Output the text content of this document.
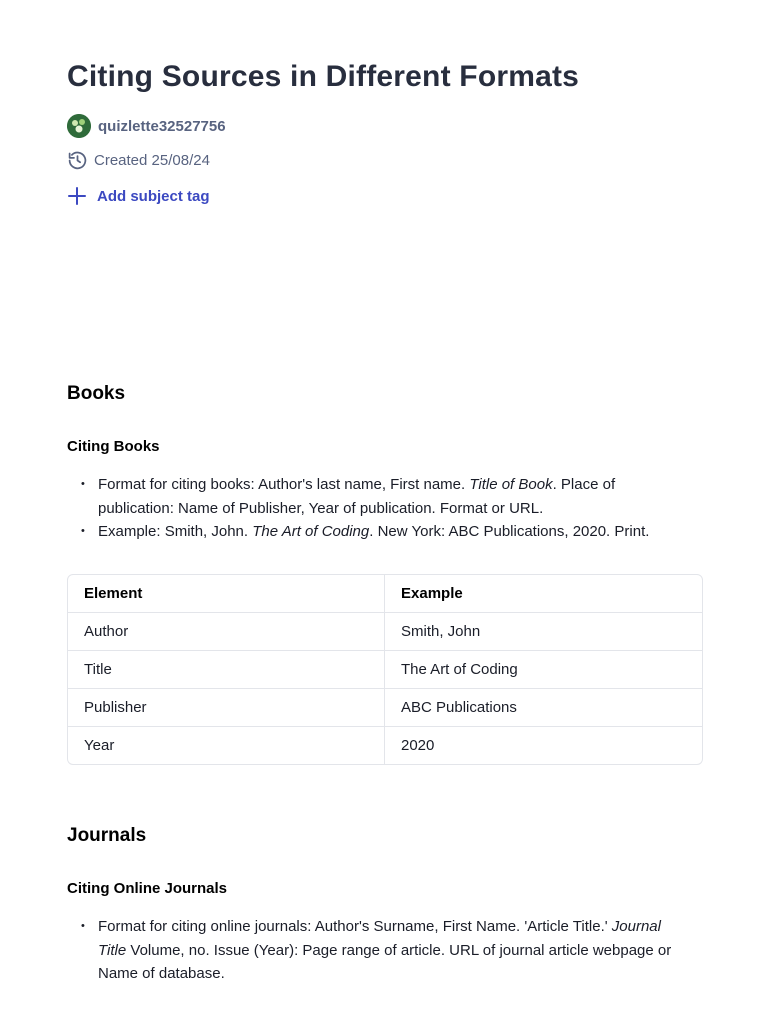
Citing Sources in Different Formats
quizlette32527756
Created 25/08/24
Add subject tag
Books
Citing Books
• Format for citing books: Author's last name, First name. Title of Book. Place of publication: Name of Publisher, Year of publication. Format or URL.
• Example: Smith, John. The Art of Coding. New York: ABC Publications, 2020. Print.
Element	Example
Author	Smith, John
Title	The Art of Coding
Publisher	ABC Publications
Year	2020
Journals
Citing Online Journals
• Format for citing online journals: Author's Surname, First Name. 'Article Title.' Journal Title Volume, no. Issue (Year): Page range of article. URL of journal article webpage or Name of database.
